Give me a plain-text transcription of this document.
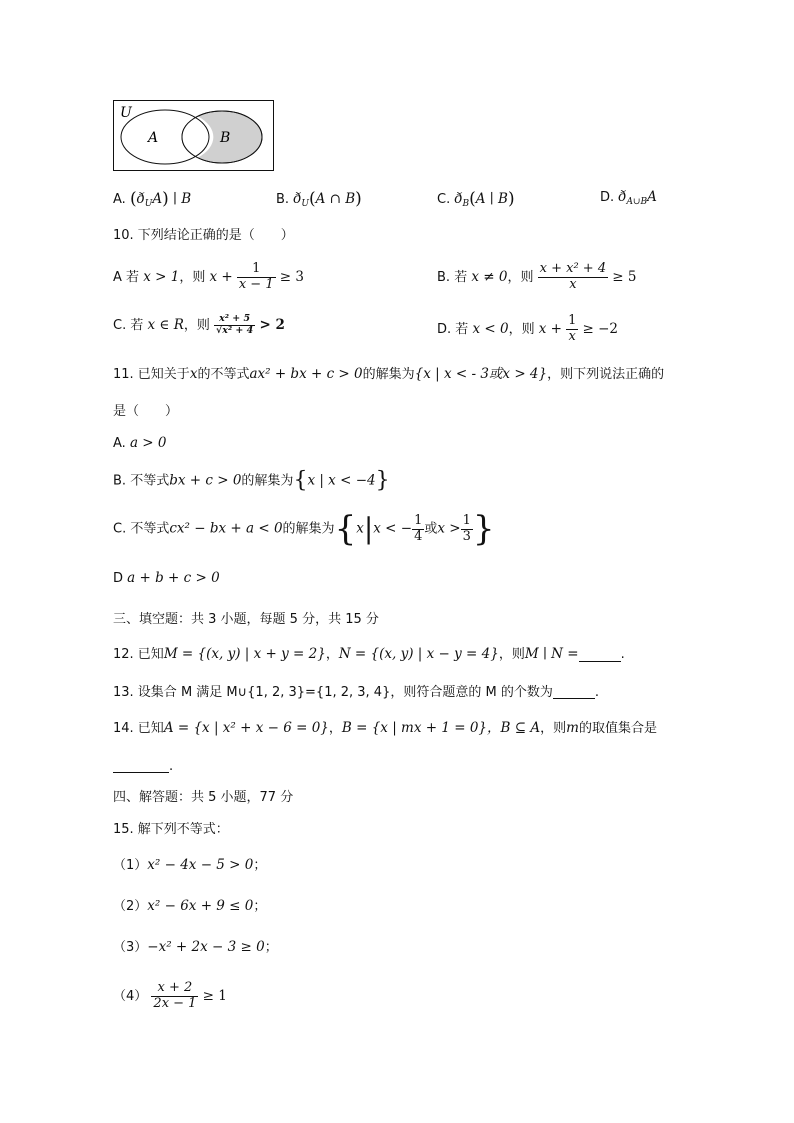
U
A	B
A. $(ð_UA)$ ∣ B	B. $ð_U(A$ ∩ B)	C. $ð_B(A$ ∣ B)	D. $ð_{A\cup B}A$
10. 下列结论正确的是（　　）
A 若 x > 1，则 $x + \frac{1}{x - 1} \ge 3$	B. 若 x ≠ 0，则 $\frac{\text{x + x² + 4}}{x} \ge 5$
C. 若 x ∈ R，则 $\frac{\text{x² + 5}}{\text{√x² + 4}} > 2$	D. 若 x < 0，则 $x + \frac{1}{x} \ge -2$
11. 已知关于x的不等式ax² + bx + c > 0的解集为{x | x < - 3或x > 4}，则下列说法正确的
是（　　）
A. a > 0
B. 不等式bx + c > 0的解集为{x | x < −4}
C. 不等式cx² − bx + a < 0的解集为{x|x < − $\frac{1}{4}$ 或$x > \frac{1}{3}$ }
D a + b + c > 0
三、填空题：共 3 小题，每题 5 分，共 15 分
12. 已知M = {(x, y) | x + y = 2}，N = {(x, y) | x − y = 4}，则M ∣ N =	.
13. 设集合 M 满足 M∪{1, 2, 3}={1, 2, 3, 4}，则符合题意的 M 的个数为	.
14. 已知A = {x | x² + x − 6 = 0}，B = {x | mx + 1 = 0}，B ⊆ A，则m的取值集合是
.
四、解答题：共 5 小题，77 分
15. 解下列不等式：
（1）x² − 4x − 5 > 0；
（2）x² − 6x + 9 ≤ 0；
（3）−x² + 2x − 3 ≥ 0；
$(4) \frac{x + 2}{2x - 1} \ge 1$
